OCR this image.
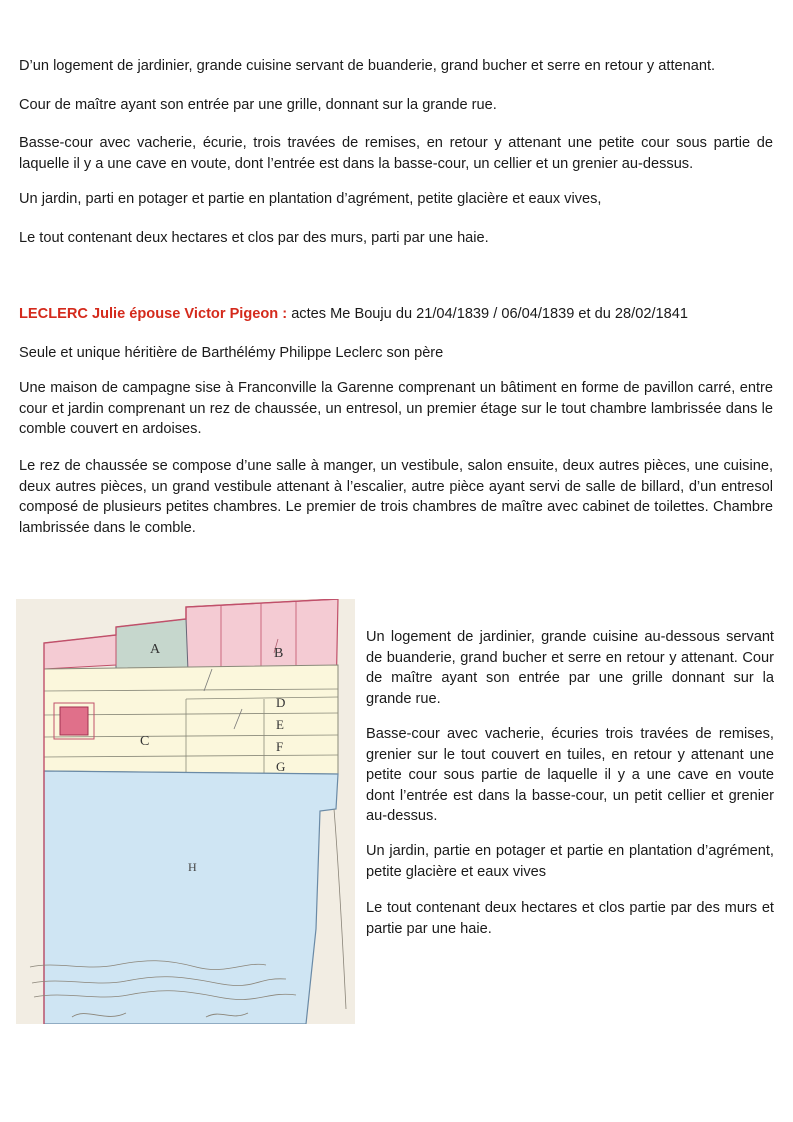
D’un logement de jardinier, grande cuisine servant de buanderie, grand bucher et serre en retour y attenant.

Cour de maître ayant son entrée par une grille, donnant sur la grande rue.

Basse-cour avec vacherie, écurie, trois travées de remises, en retour y attenant une petite cour sous partie de laquelle il y a une cave en voute, dont l’entrée est dans la basse-cour, un cellier et un grenier au-dessus.

Un jardin, parti en potager et partie en plantation d’agrément, petite glacière et eaux vives,

Le tout contenant deux hectares et clos par des murs, parti par une haie.

LECLERC Julie épouse Victor Pigeon : actes Me Bouju du 21/04/1839 / 06/04/1839 et du 28/02/1841

Seule et unique héritière de Barthélémy Philippe Leclerc son père

Une maison de campagne sise à Franconville la Garenne comprenant un bâtiment en forme de pavillon carré, entre cour et jardin comprenant un rez de chaussée, un entresol, un premier étage sur le tout chambre lambrissée dans le comble couvert en ardoises.

Le rez de chaussée se compose d’une salle à manger, un vestibule, salon ensuite, deux autres pièces, une cuisine, deux autres pièces, un grand vestibule attenant à l’escalier, autre pièce ayant servi de salle de billard, d’un entresol composé de plusieurs petites chambres. Le premier de trois chambres de maître avec cabinet de toilettes. Chambre lambrissée dans le comble.

A	B
C
D
E
F
G
H

Un logement de jardinier, grande cuisine au-dessous servant de buanderie, grand bucher et serre en retour y attenant. Cour de maître ayant son entrée par une grille donnant sur la grande rue.

Basse-cour avec vacherie, écuries trois travées de remises, grenier sur le tout couvert en tuiles, en retour y attenant une petite cour sous partie de laquelle il y a une cave en voute dont l’entrée est dans la basse-cour, un petit cellier et grenier au-dessus.

Un jardin, partie en potager et partie en plantation d’agrément, petite glacière et eaux vives

Le tout contenant deux hectares et clos partie par des murs et partie par une haie.
